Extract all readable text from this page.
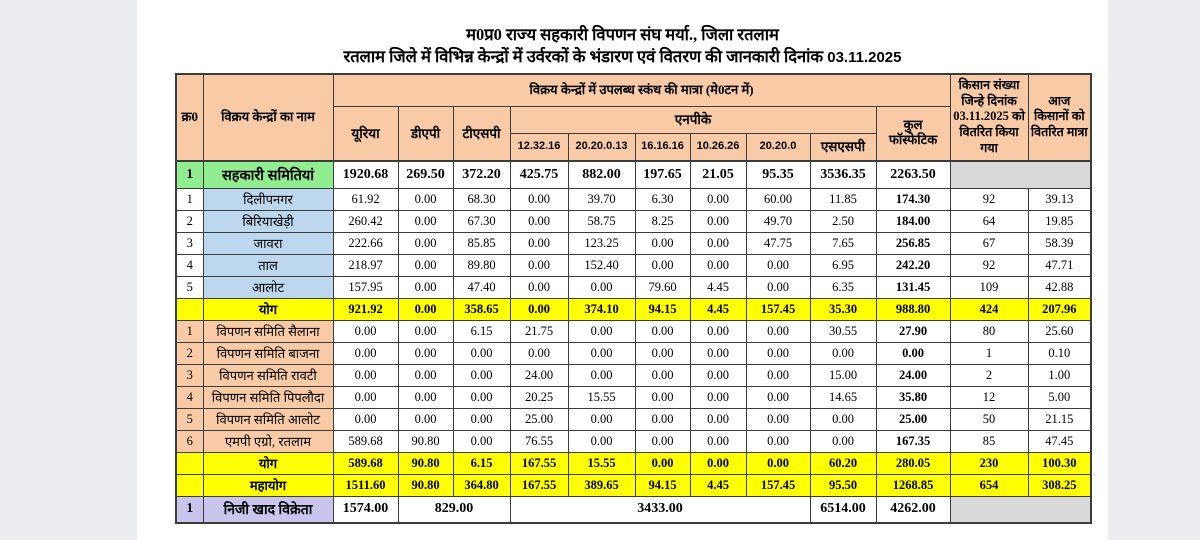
म0प्र0 राज्य सहकारी विपणन संघ मर्या., जिला रतलाम
रतलाम जिले में विभिन्न केन्द्रों में उर्वरकों के भंडारण एवं वितरण की जानकारी दिनांक 03.11.2025
क्र0	विक्रय केन्द्रों का नाम	विक्रय केन्द्रों में उपलब्ध स्कंध की मात्रा (मे0टन में)										किसान संख्या जिन्हे दिनांक 03.11.2025 को वितरित किया गया	आज किसानों को वितरित मात्रा
		यूरिया	डीएपी	टीएसपी	एनपीके						कुल फॉस्फेटिक		
					12.32.16	20.20.0.13	16.16.16	10.26.26	20.20.0	एसएसपी			
1	सहकारी समितियां	1920.68	269.50	372.20	425.75	882.00	197.65	21.05	95.35	3536.35	2263.50		
1	दिलीपनगर	61.92	0.00	68.30	0.00	39.70	6.30	0.00	60.00	11.85	174.30	92	39.13
2	बिरियाखेड़ी	260.42	0.00	67.30	0.00	58.75	8.25	0.00	49.70	2.50	184.00	64	19.85
3	जावरा	222.66	0.00	85.85	0.00	123.25	0.00	0.00	47.75	7.65	256.85	67	58.39
4	ताल	218.97	0.00	89.80	0.00	152.40	0.00	0.00	0.00	6.95	242.20	92	47.71
5	आलोट	157.95	0.00	47.40	0.00	0.00	79.60	4.45	0.00	6.35	131.45	109	42.88
	योग	921.92	0.00	358.65	0.00	374.10	94.15	4.45	157.45	35.30	988.80	424	207.96
1	विपणन समिति सैलाना	0.00	0.00	6.15	21.75	0.00	0.00	0.00	0.00	30.55	27.90	80	25.60
2	विपणन समिति बाजना	0.00	0.00	0.00	0.00	0.00	0.00	0.00	0.00	0.00	0.00	1	0.10
3	विपणन समिति रावटी	0.00	0.00	0.00	24.00	0.00	0.00	0.00	0.00	15.00	24.00	2	1.00
4	विपणन समिति पिपलौदा	0.00	0.00	0.00	20.25	15.55	0.00	0.00	0.00	14.65	35.80	12	5.00
5	विपणन समिति आलोट	0.00	0.00	0.00	25.00	0.00	0.00	0.00	0.00	0.00	25.00	50	21.15
6	एमपी एग्रो, रतलाम	589.68	90.80	0.00	76.55	0.00	0.00	0.00	0.00	0.00	167.35	85	47.45
	योग	589.68	90.80	6.15	167.55	15.55	0.00	0.00	0.00	60.20	280.05	230	100.30
	महायोग	1511.60	90.80	364.80	167.55	389.65	94.15	4.45	157.45	95.50	1268.85	654	308.25
1	निजी खाद विक्रेता	1574.00	829.00		3433.00					6514.00	4262.00		
